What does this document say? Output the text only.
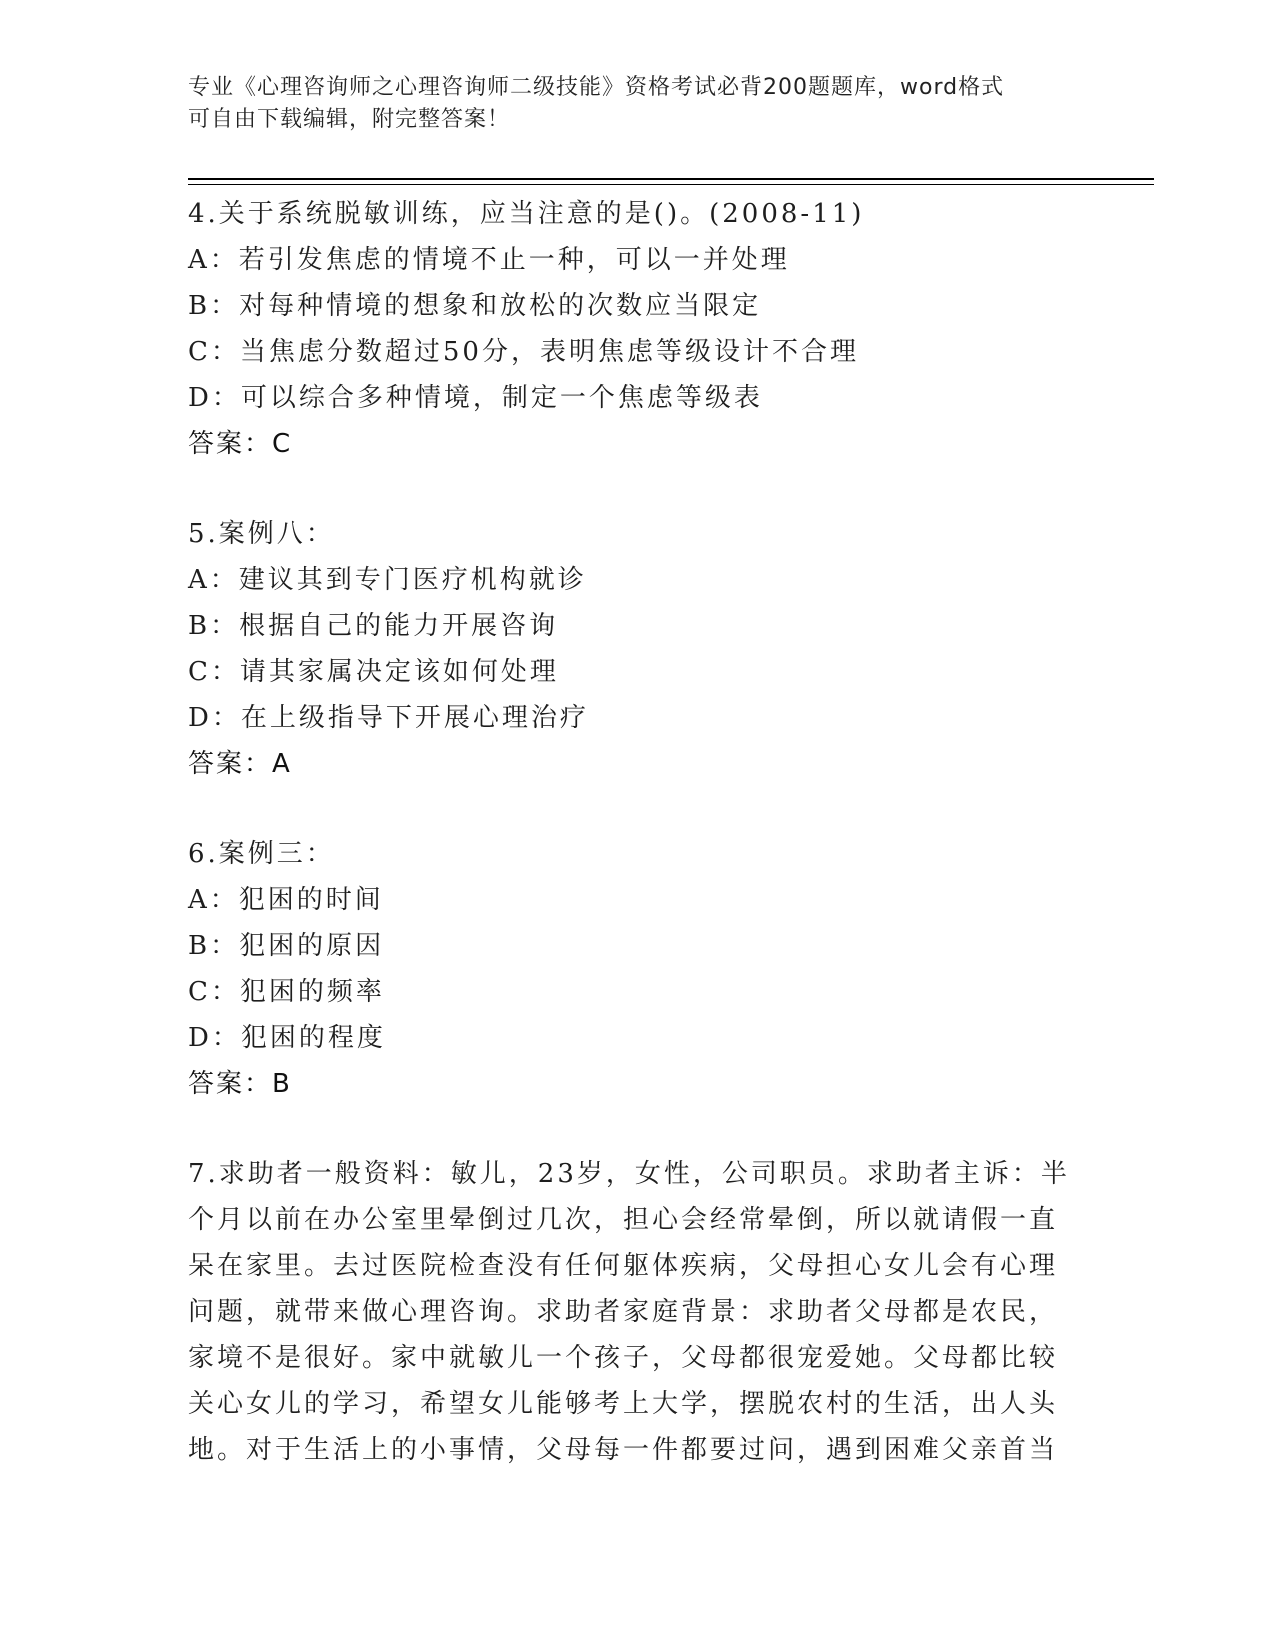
专业《心理咨询师之心理咨询师二级技能》资格考试必背200题题库，word格式
可自由下载编辑，附完整答案！
4.关于系统脱敏训练，应当注意的是()。(2008-11)
A：若引发焦虑的情境不止一种，可以一并处理
B：对每种情境的想象和放松的次数应当限定
C：当焦虑分数超过50分，表明焦虑等级设计不合理
D：可以综合多种情境，制定一个焦虑等级表
答案：C
5.案例八：
A：建议其到专门医疗机构就诊
B：根据自己的能力开展咨询
C：请其家属决定该如何处理
D：在上级指导下开展心理治疗
答案：A
6.案例三：
A：犯困的时间
B：犯困的原因
C：犯困的频率
D：犯困的程度
答案：B
7.求助者一般资料：敏儿，23岁，女性，公司职员。求助者主诉：半
个月以前在办公室里晕倒过几次，担心会经常晕倒，所以就请假一直
呆在家里。去过医院检查没有任何躯体疾病，父母担心女儿会有心理
问题，就带来做心理咨询。求助者家庭背景：求助者父母都是农民，
家境不是很好。家中就敏儿一个孩子，父母都很宠爱她。父母都比较
关心女儿的学习，希望女儿能够考上大学，摆脱农村的生活，出人头
地。对于生活上的小事情，父母每一件都要过问，遇到困难父亲首当
